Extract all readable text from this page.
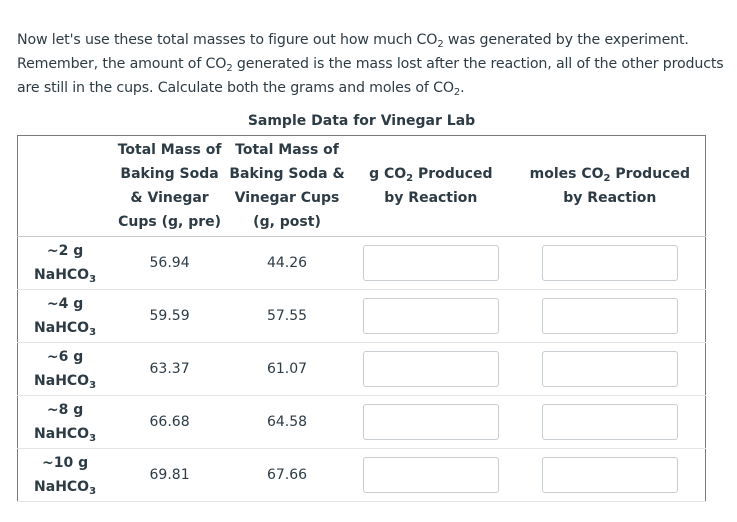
Now let's use these total masses to figure out how much $CO_2$ was generated by the experiment.
Remember, the amount of $CO_2$ generated is the mass lost after the reaction, all of the other products
are still in the cups. Calculate both the grams and moles of $CO_2$.
Sample Data for Vinegar Lab

	Total Mass of Baking Soda & Vinegar Cups (g, pre)	Total Mass of Baking Soda & Vinegar Cups (g, post)	g $CO_2$ Produced by Reaction	moles $CO_2$ Produced by Reaction

~2 g
NaHCO$_3$	56.94	44.26	

~4 g
NaHCO$_3$	59.59	57.55	

~6 g
NaHCO$_3$	63.37	61.07	

~8 g
NaHCO$_3$	66.68	64.58	

~10 g
NaHCO$_3$	69.81	67.66	
